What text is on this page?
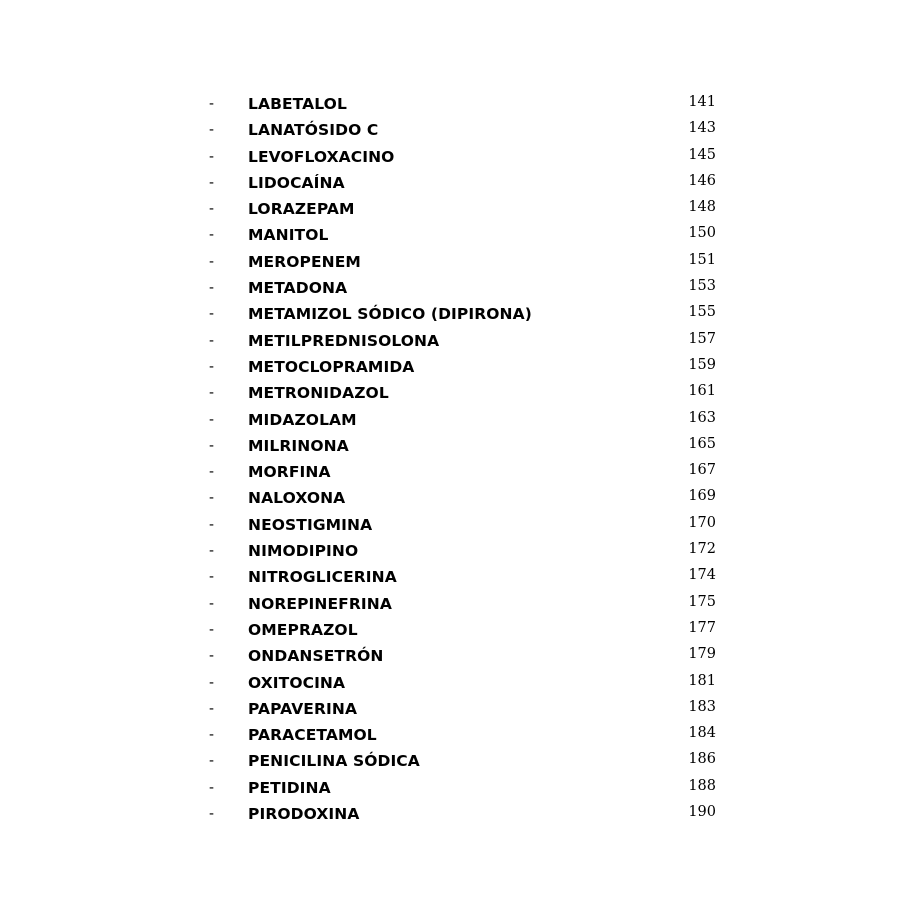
- LABETALOL	141
- LANATÓSIDO C	143
- LEVOFLOXACINO	145
- LIDOCAÍNA	146
- LORAZEPAM	148
- MANITOL	150
- MEROPENEM	151
- METADONA	153
- METAMIZOL SÓDICO (DIPIRONA)	155
- METILPREDNISOLONA	157
- METOCLOPRAMIDA	159
- METRONIDAZOL	161
- MIDAZOLAM	163
- MILRINONA	165
- MORFINA	167
- NALOXONA	169
- NEOSTIGMINA	170
- NIMODIPINO	172
- NITROGLICERINA	174
- NOREPINEFRINA	175
- OMEPRAZOL	177
- ONDANSETRÓN	179
- OXITOCINA	181
- PAPAVERINA	183
- PARACETAMOL	184
- PENICILINA SÓDICA	186
- PETIDINA	188
- PIRODOXINA	190
